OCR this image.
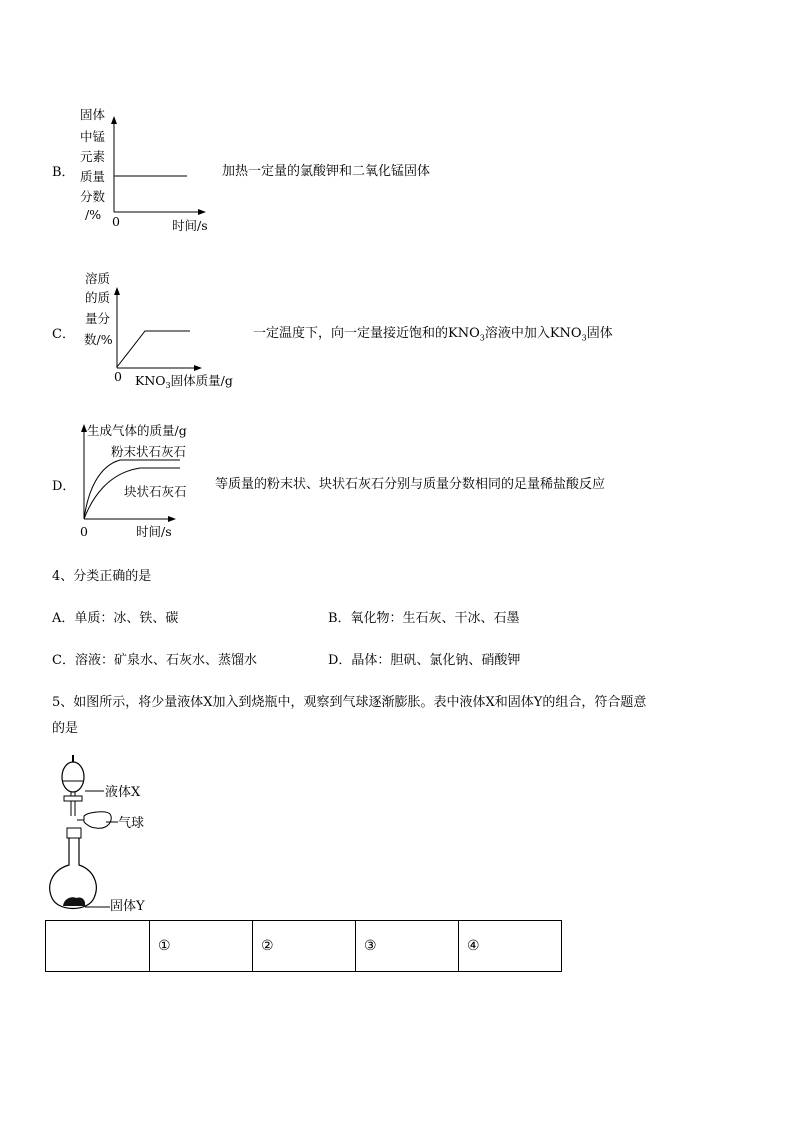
B．
固体
中锰
元素
质量
分数
/% 0	时间/s
加热一定量的氯酸钾和二氧化锰固体
C．
溶质
的质
量分
数/%
0 $KNO_3$固体质量/g
一定温度下，向一定量接近饱和的$KNO_3$溶液中加入$KNO_3$固体
D．
生成气体的质量/g
粉末状石灰石
块状石灰石
0	时间/s
等质量的粉末状、块状石灰石分别与质量分数相同的足量稀盐酸反应
4、分类正确的是
A．单质：冰、铁、碳	B．氧化物：生石灰、干冰、石墨
C．溶液：矿泉水、石灰水、蒸馏水	D．晶体：胆矾、氯化钠、硝酸钾
5、如图所示，将少量液体X加入到烧瓶中，观察到气球逐渐膨胀。表中液体X和固体Y的组合，符合题意
的是
液体X
气球
固体Y
	①	②	③	④
